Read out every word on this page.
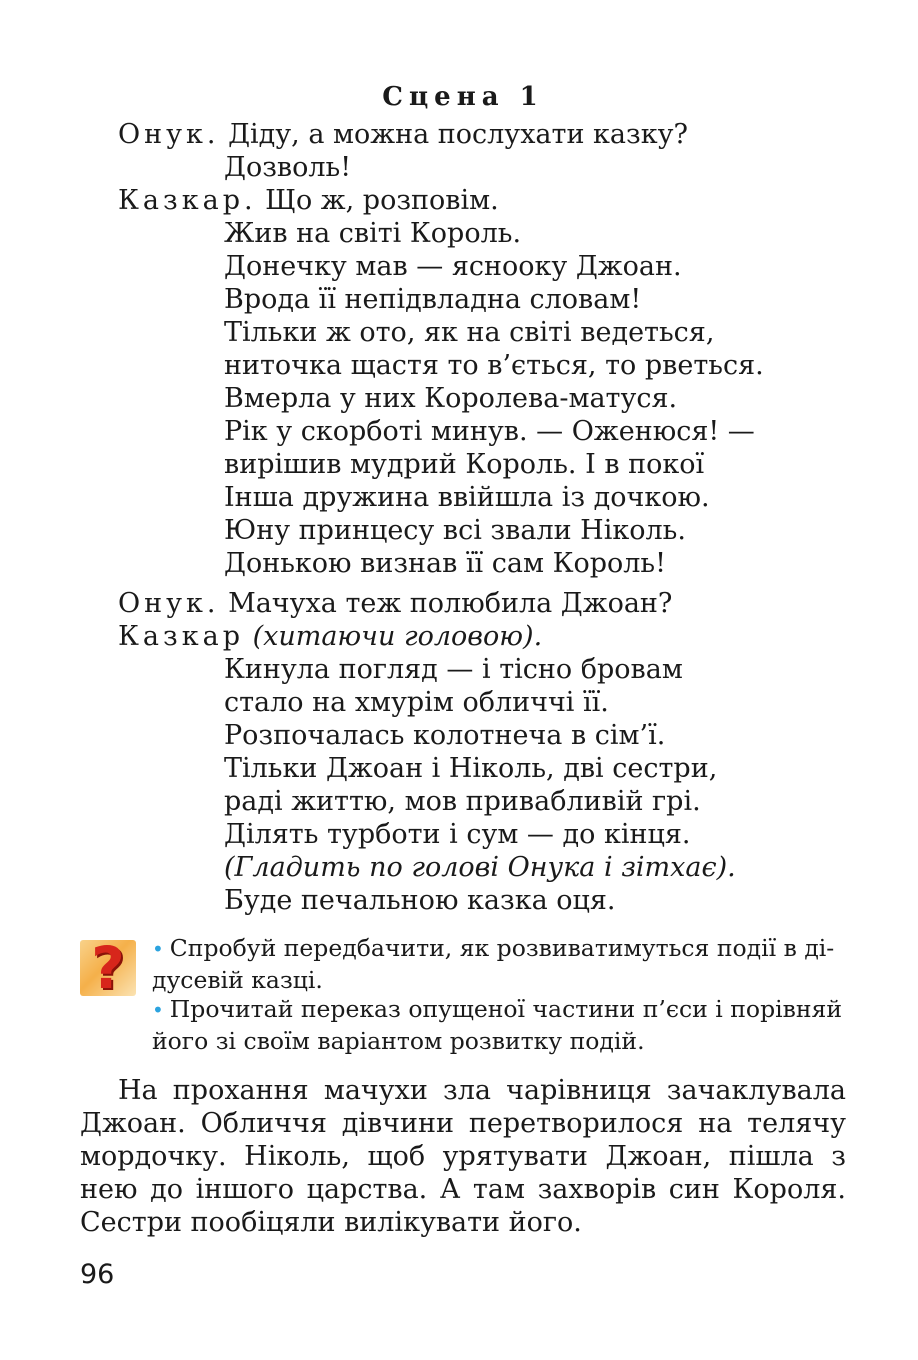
Сцена 1
Онук. Діду, а можна послухати казку?
Дозволь!
Казкар. Що ж, розповім.
Жив на світі Король.
Донечку мав — яснооку Джоан.
Врода її непідвладна словам!
Тільки ж ото, як на світі ведеться,
ниточка щастя то в’ється, то рветься.
Вмерла у них Королева-матуся.
Рік у скорботі минув. — Оженюся! —
вирішив мудрий Король. І в покої
Інша дружина ввійшла із дочкою.
Юну принцесу всі звали Ніколь.
Донькою визнав її сам Король!
Онук. Мачуха теж полюбила Джоан?
Казкар (хитаючи головою).
Кинула погляд — і тісно бровам
стало на хмурім обличчі її.
Розпочалась колотнеча в сім’ї.
Тільки Джоан і Ніколь, дві сестри,
раді життю, мов привабливій грі.
Ділять турботи і сум — до кінця.
(Гладить по голові Онука і зітхає).
Буде печальною казка оця.
? • Спробуй передбачити, як розвиватимуться події в ді-
дусевій казці.
• Прочитай переказ опущеної частини п’єси і порівняй
його зі своїм варіантом розвитку подій.
На прохання мачухи зла чарівниця зачаклувала Джоан. Обличчя дівчини перетворилося на телячу мордочку. Ніколь, щоб урятувати Джоан, пішла з нею до іншого царства. А там захворів син Короля. Сестри пообіцяли вилікувати його.
96
